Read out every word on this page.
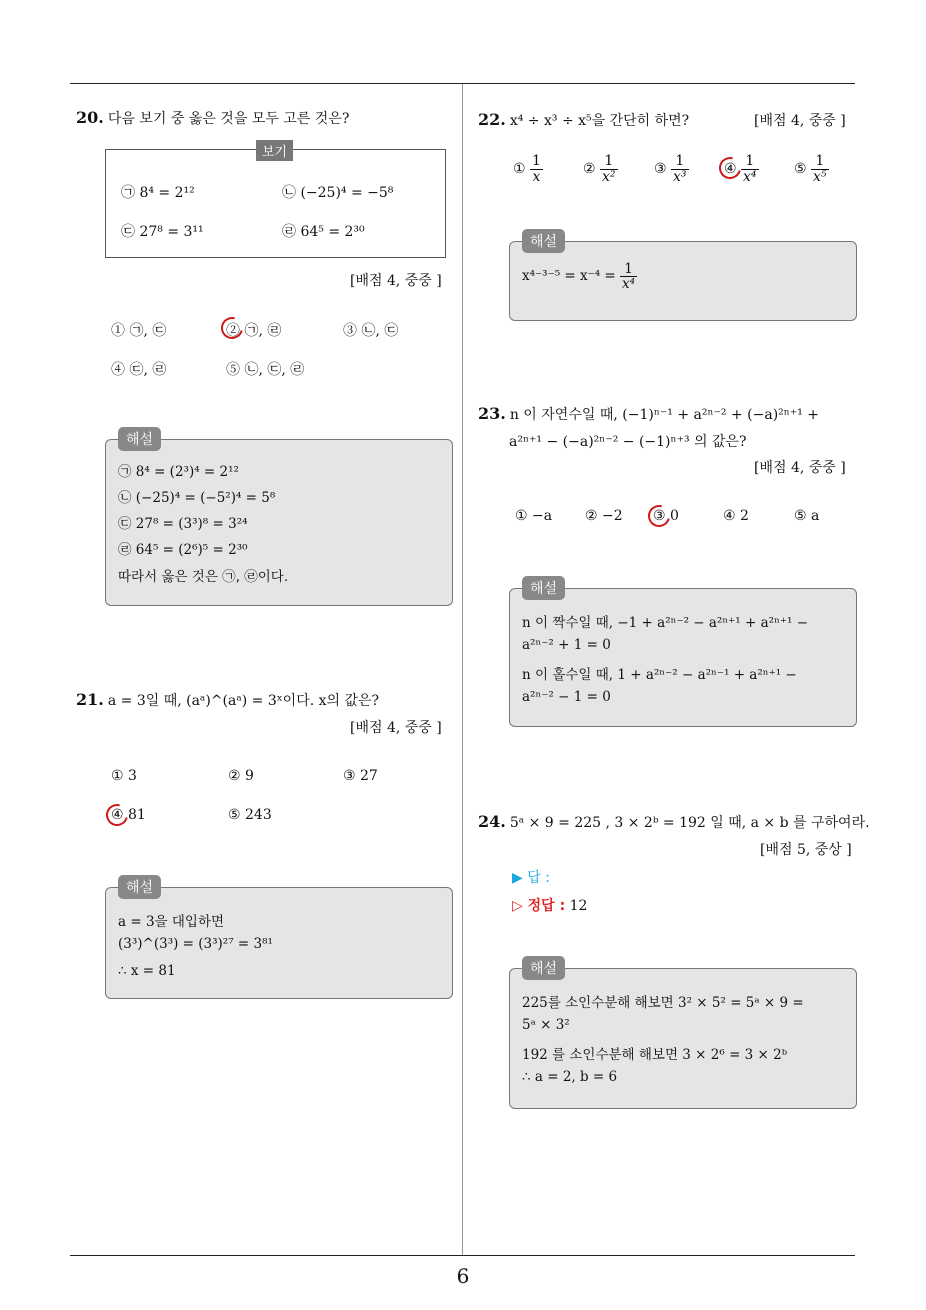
6
20. 다음 보기 중 옳은 것을 모두 고른 것은?
보기
㉠ 8⁴ = 2¹²	㉡ (−25)⁴ = −5⁸
㉢ 27⁸ = 3¹¹	㉣ 64⁵ = 2³⁰
[배점 4, 중중 ]
① ㉠, ㉢	② ㉠, ㉣	③ ㉡, ㉢
④ ㉢, ㉣	⑤ ㉡, ㉢, ㉣
해설
㉠ 8⁴ = (2³)⁴ = 2¹²
㉡ (−25)⁴ = (−5²)⁴ = 5⁸
㉢ 27⁸ = (3³)⁸ = 3²⁴
㉣ 64⁵ = (2⁶)⁵ = 2³⁰
따라서 옳은 것은 ㉠, ㉣이다.
21. a = 3일 때, (aᵃ)^(aᵃ) = 3ˣ이다. x의 값은?
[배점 4, 중중 ]
① 3	② 9	③ 27
④ 81	⑤ 243
해설
a = 3을 대입하면
(3³)^(3³) = (3³)²⁷ = 3⁸¹
∴ x = 81
22. x⁴ ÷ x³ ÷ x⁵을 간단히 하면?	[배점 4, 중중 ]
① $\frac{1}{x}$	② $\frac{1}{\text{x²}}$	③ $\frac{1}{\text{x³}}$	④ $\frac{1}{\text{x⁴}}$	⑤ $\frac{1}{\text{x⁵}}$
해설
$x^{4-3-5} = x^{-4} = \frac{1}{\text{x⁴}}$
23. n 이 자연수일 때, (−1)ⁿ⁻¹ + a²ⁿ⁻² + (−a)²ⁿ⁺¹ +
a²ⁿ⁺¹ − (−a)²ⁿ⁻² − (−1)ⁿ⁺³ 의 값은?
[배점 4, 중중 ]
① −a ② −2 ③ 0	④ 2	⑤ a
해설
n 이 짝수일 때, −1 + a²ⁿ⁻² − a²ⁿ⁺¹ + a²ⁿ⁺¹ −
a²ⁿ⁻² + 1 = 0
n 이 홀수일 때, 1 + a²ⁿ⁻² − a²ⁿ⁻¹ + a²ⁿ⁺¹ −
a²ⁿ⁻² − 1 = 0
24. 5ᵃ × 9 = 225 , 3 × 2ᵇ = 192 일 때, a × b 를 구하여라.
[배점 5, 중상 ]
▶ 답 :
▷ 정답 : 12
해설
225를 소인수분해 해보면 3² × 5² = 5ᵃ × 9 =
5ᵃ × 3²
192 를 소인수분해 해보면 3 × 2⁶ = 3 × 2ᵇ
∴ a = 2, b = 6
